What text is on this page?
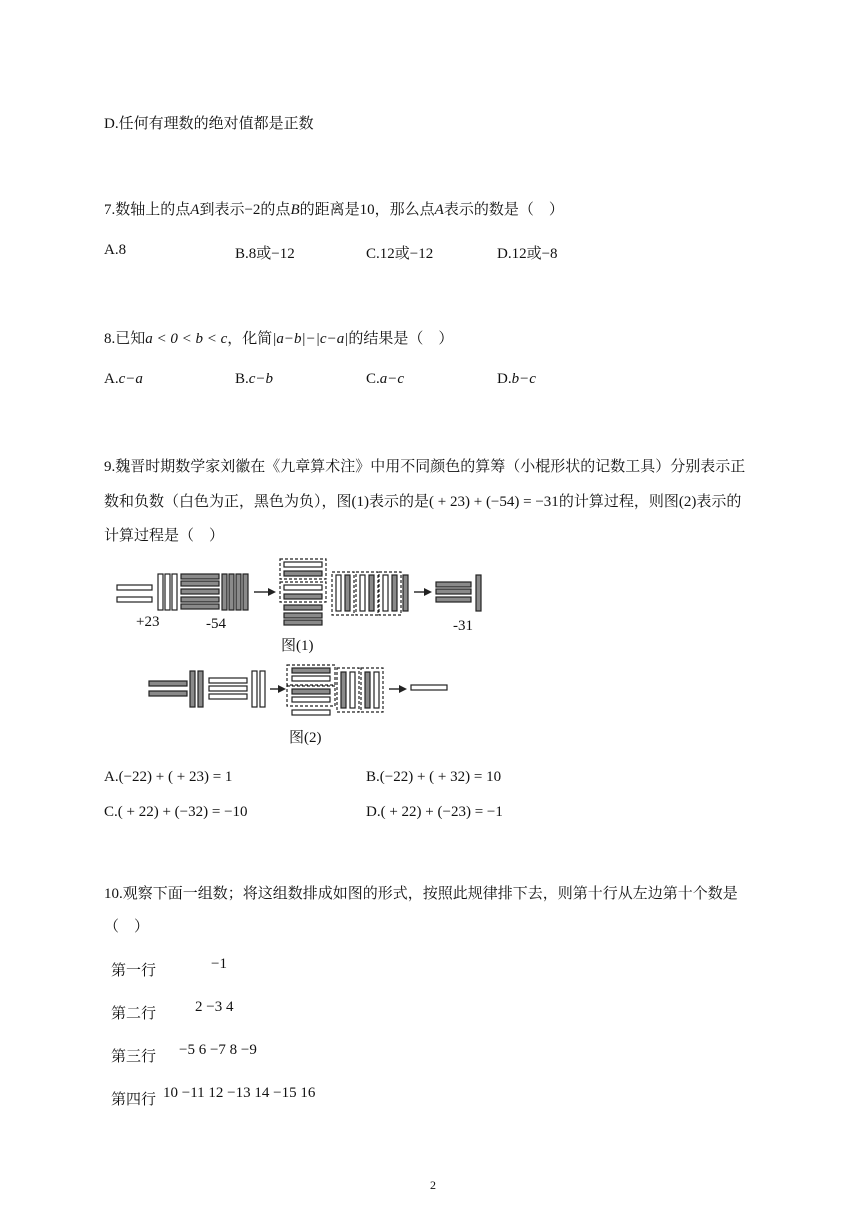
D.任何有理数的绝对值都是正数
7.数轴上的点A到表示−2的点B的距离是10，那么点A表示的数是（　）
A.8	B.8或−12	C.12或−12	D.12或−8
8.已知a < 0 < b < c，化简|a−b|−|c−a|的结果是（　）
A.c−a	B.c−b	C.a−c	D.b−c
9.魏晋时期数学家刘徽在《九章算术注》中用不同颜色的算筹（小棍形状的记数工具）分别表示正
数和负数（白色为正，黑色为负），图(1)表示的是( + 23) + (−54) = −31的计算过程，则图(2)表示的
计算过程是（　）
+23	-54	-31
图(1)
图(2)
A.(−22) + ( + 23) = 1	B.(−22) + ( + 32) = 10
C.( + 22) + (−32) = −10	D.( + 22) + (−23) = −1
10.观察下面一组数；将这组数排成如图的形式，按照此规律排下去，则第十行从左边第十个数是
（　）
第一行	−1
第二行	2 −3 4
第三行 −5 6 −7 8 −9
第四行 10 −11 12 −13 14 −15 16
2
